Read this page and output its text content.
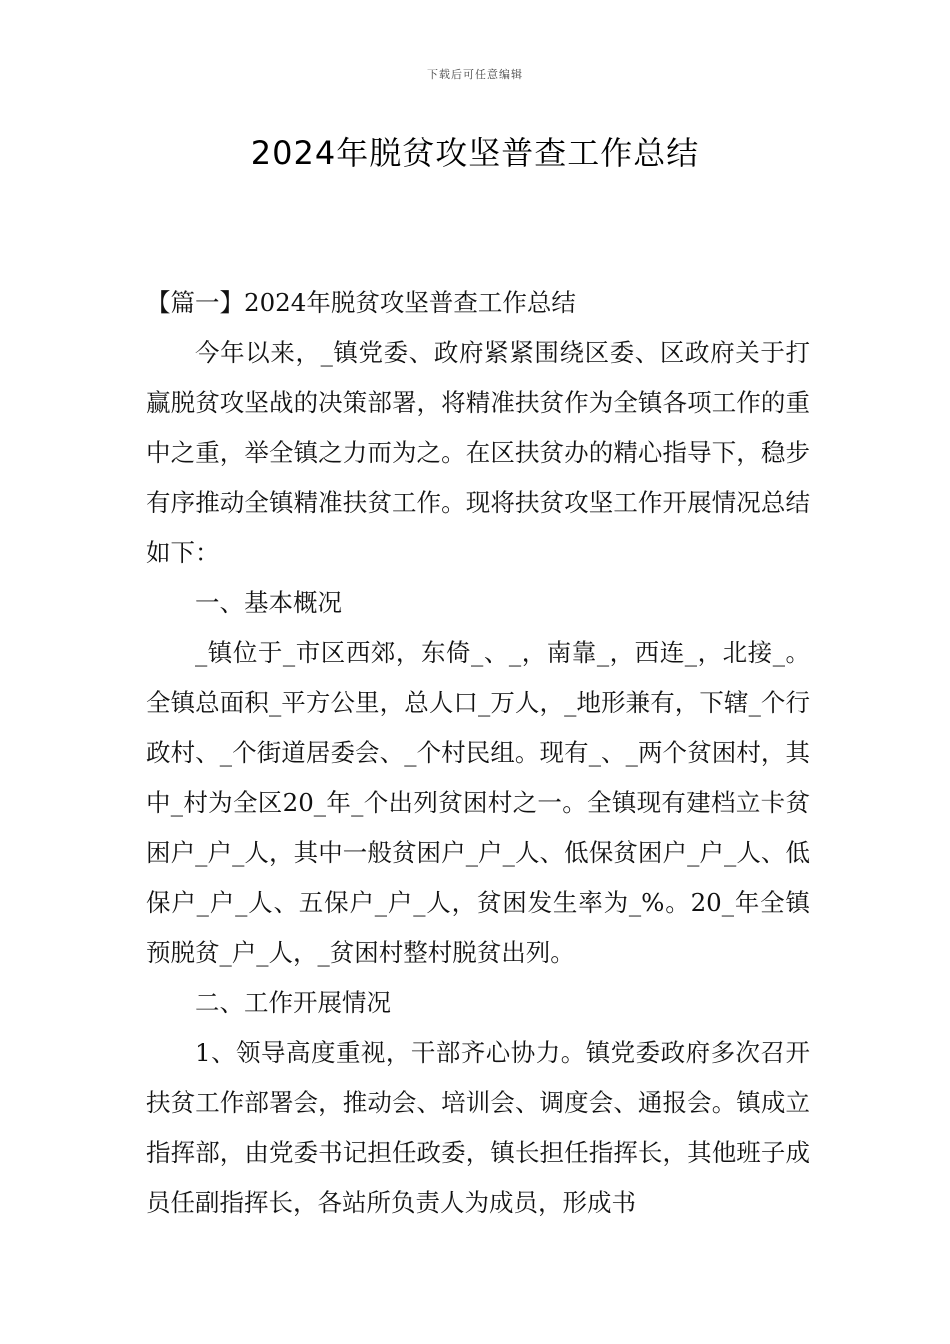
下载后可任意编辑
2024年脱贫攻坚普查工作总结

【篇一】2024年脱贫攻坚普查工作总结

今年以来，_镇党委、政府紧紧围绕区委、区政府关于打赢脱贫攻坚战的决策部署，将精准扶贫作为全镇各项工作的重中之重，举全镇之力而为之。在区扶贫办的精心指导下，稳步有序推动全镇精准扶贫工作。现将扶贫攻坚工作开展情况总结如下：

一、基本概况

_镇位于_市区西郊，东倚_、_，南靠_，西连_，北接_。全镇总面积_平方公里，总人口_万人，_地形兼有，下辖_个行政村、_个街道居委会、_个村民组。现有_、_两个贫困村，其中_村为全区20_年_个出列贫困村之一。全镇现有建档立卡贫困户_户_人，其中一般贫困户_户_人、低保贫困户_户_人、低保户_户_人、五保户_户_人，贫困发生率为_%。20_年全镇预脱贫_户_人，_贫困村整村脱贫出列。

二、工作开展情况

1、领导高度重视，干部齐心协力。镇党委政府多次召开扶贫工作部署会，推动会、培训会、调度会、通报会。镇成立指挥部，由党委书记担任政委，镇长担任指挥长，其他班子成员任副指挥长，各站所负责人为成员，形成书
